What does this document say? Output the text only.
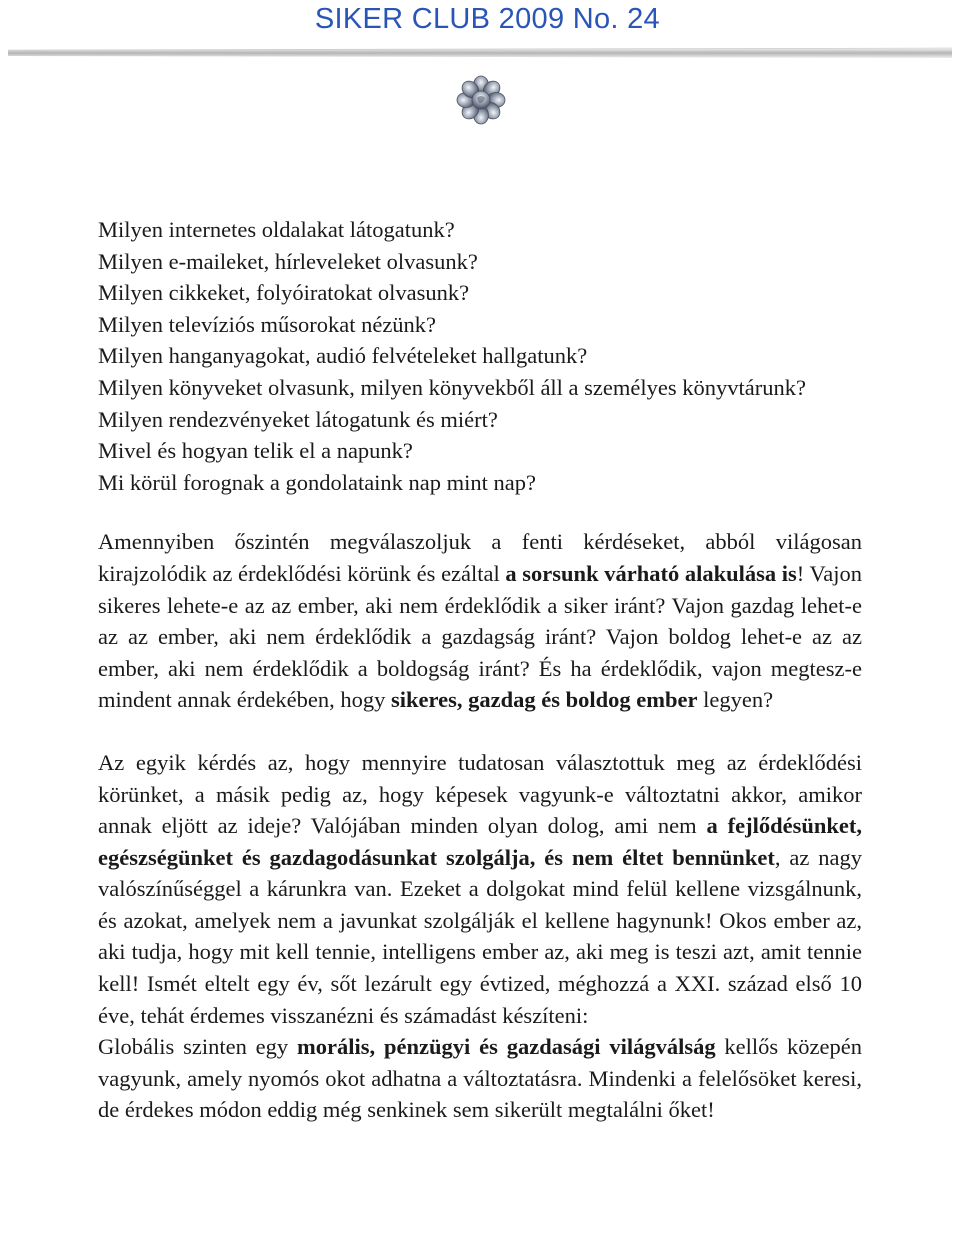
SIKER CLUB 2009 No. 24
Milyen internetes oldalakat látogatunk?
Milyen e-maileket, hírleveleket olvasunk?
Milyen cikkeket, folyóiratokat olvasunk?
Milyen televíziós műsorokat nézünk?
Milyen hanganyagokat, audió felvételeket hallgatunk?
Milyen könyveket olvasunk, milyen könyvekből áll a személyes könyvtárunk?
Milyen rendezvényeket látogatunk és miért?
Mivel és hogyan telik el a napunk?
Mi körül forognak a gondolataink nap mint nap?

Amennyiben őszintén megválaszoljuk a fenti kérdéseket, abból világosan kirajzolódik az érdeklődési körünk és ezáltal a sorsunk várható alakulása is! Vajon sikeres lehete-e az az ember, aki nem érdeklődik a siker iránt? Vajon gazdag lehet-e az az ember, aki nem érdeklődik a gazdagság iránt? Vajon boldog lehet-e az az ember, aki nem érdeklődik a boldogság iránt? És ha érdeklődik, vajon megtesz-e mindent annak érdekében, hogy sikeres, gazdag és boldog ember legyen?

Az egyik kérdés az, hogy mennyire tudatosan választottuk meg az érdeklődési körünket, a másik pedig az, hogy képesek vagyunk-e változtatni akkor, amikor annak eljött az ideje? Valójában minden olyan dolog, ami nem a fejlődésünket, egészségünket és gazdagodásunkat szolgálja, és nem éltet bennünket, az nagy valószínűséggel a kárunkra van. Ezeket a dolgokat mind felül kellene vizsgálnunk, és azokat, amelyek nem a javunkat szolgálják el kellene hagynunk! Okos ember az, aki tudja, hogy mit kell tennie, intelligens ember az, aki meg is teszi azt, amit tennie kell! Ismét eltelt egy év, sőt lezárult egy évtized, méghozzá a XXI. század első 10 éve, tehát érdemes visszanézni és számadást készíteni:

Globális szinten egy morális, pénzügyi és gazdasági világválság kellős közepén vagyunk, amely nyomós okot adhatna a változtatásra. Mindenki a felelősöket keresi, de érdekes módon eddig még senkinek sem sikerült megtalálni őket!
